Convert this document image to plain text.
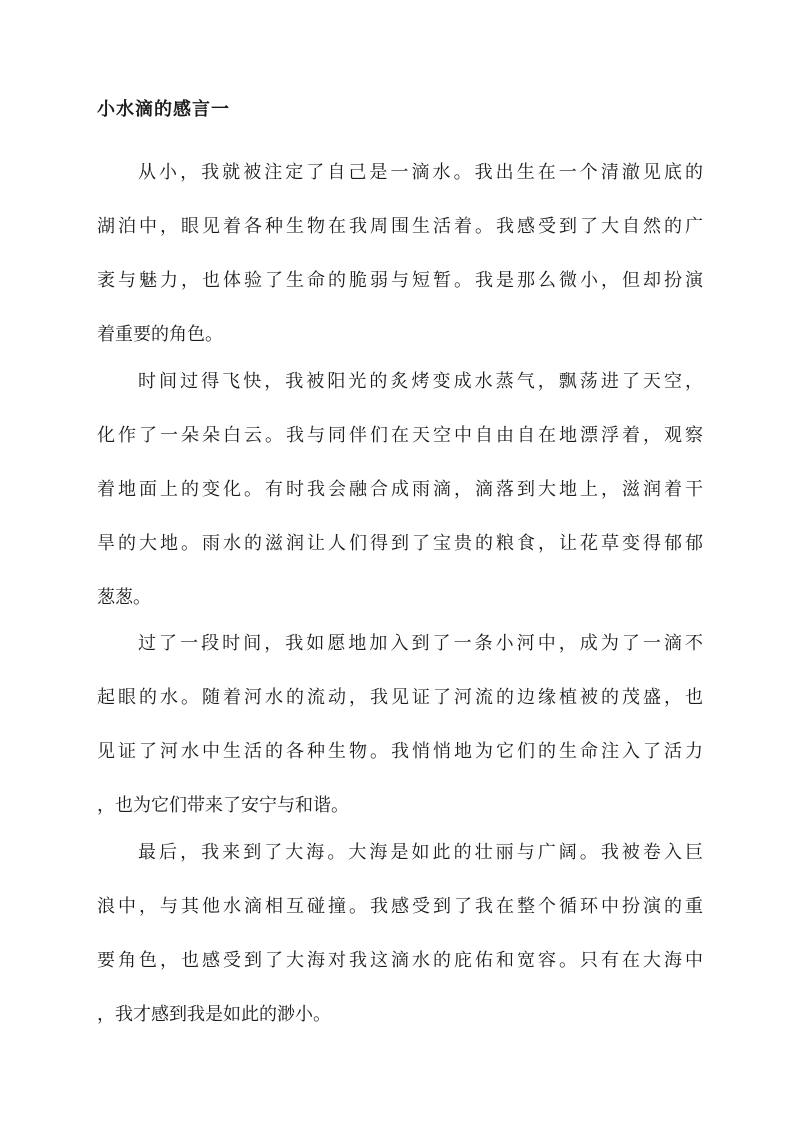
小水滴的感言一
从小，我就被注定了自己是一滴水。我出生在一个清澈见底的
湖泊中，眼见着各种生物在我周围生活着。我感受到了大自然的广
袤与魅力，也体验了生命的脆弱与短暂。我是那么微小，但却扮演
着重要的角色。
时间过得飞快，我被阳光的炙烤变成水蒸气，飘荡进了天空，
化作了一朵朵白云。我与同伴们在天空中自由自在地漂浮着，观察
着地面上的变化。有时我会融合成雨滴，滴落到大地上，滋润着干
旱的大地。雨水的滋润让人们得到了宝贵的粮食，让花草变得郁郁
葱葱。
过了一段时间，我如愿地加入到了一条小河中，成为了一滴不
起眼的水。随着河水的流动，我见证了河流的边缘植被的茂盛，也
见证了河水中生活的各种生物。我悄悄地为它们的生命注入了活力
，也为它们带来了安宁与和谐。
最后，我来到了大海。大海是如此的壮丽与广阔。我被卷入巨
浪中，与其他水滴相互碰撞。我感受到了我在整个循环中扮演的重
要角色，也感受到了大海对我这滴水的庇佑和宽容。只有在大海中
，我才感到我是如此的渺小。
